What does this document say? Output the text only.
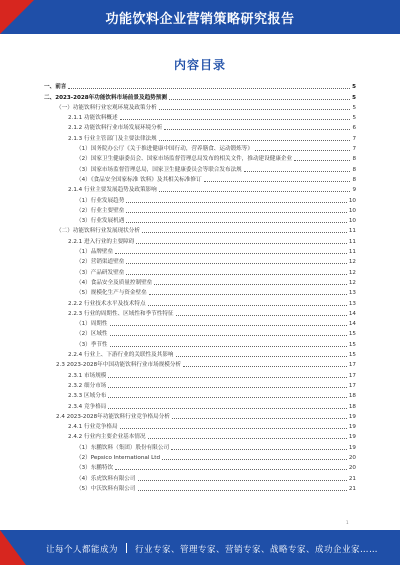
功能饮料企业营销策略研究报告
内容目录
一、前言	5
二、2023-2028年功能饮料市场前景及趋势预测	5
（一）功能饮料行业宏观环境及政策分析	5
2.1.1 功能饮料概述	5
2.1.2 功能饮料行业市场发展环境分析	6
2.1.3 行业主管部门及主要法律法规	7
（1）国务院办公厅《关于推进健康中国行动，营养膳食、运动锻炼等》	7
（2）国家卫生健康委员会、国家市场监督管理总局发布的相关文件，推动建设健康企业	8
（3）国家市场监督管理总局，国家卫生健康委员会等联合发布法规	8
（4）《食品安全国家标准 饮料》及其相关标准修订	8
2.1.4 行业主要发展趋势及政策影响	9
（1）行业发展趋势	10
（2）行业主要壁垒	10
（3）行业发展机遇	10
（二）功能饮料行业发展现状分析	11
2.2.1 进入行业的主要障碍	11
（1）品牌壁垒	11
（2）营销渠道壁垒	12
（3）产品研发壁垒	12
（4）食品安全及质量控制壁垒	12
（5）规模化生产与资金壁垒	13
2.2.2 行业技术水平及技术特点	13
2.2.3 行业的周期性、区域性和季节性特征	14
（1）周期性	14
（2）区域性	15
（3）季节性	15
2.2.4 行业上、下游行业的关联性及其影响	15
2.3 2023-2028年中国功能饮料行业市场规模分析	17
2.3.1 市场规模	17
2.3.2 细分市场	17
2.3.3 区域分布	18
2.3.4 竞争格局	18
2.4 2023-2028年功能饮料行业竞争格局分析	19
2.4.1 行业竞争格局	19
2.4.2 行业内主要企业基本情况	19
（1）东鹏饮料（集团）股份有限公司	19
（2）Pepsico International Ltd	20
（3）东鹏特饮	20
（4）乐虎饮料有限公司	21
（5）中沃饮料有限公司	21
1
让每个人都能成为 行业专家、管理专家、营销专家、战略专家、成功企业家……
